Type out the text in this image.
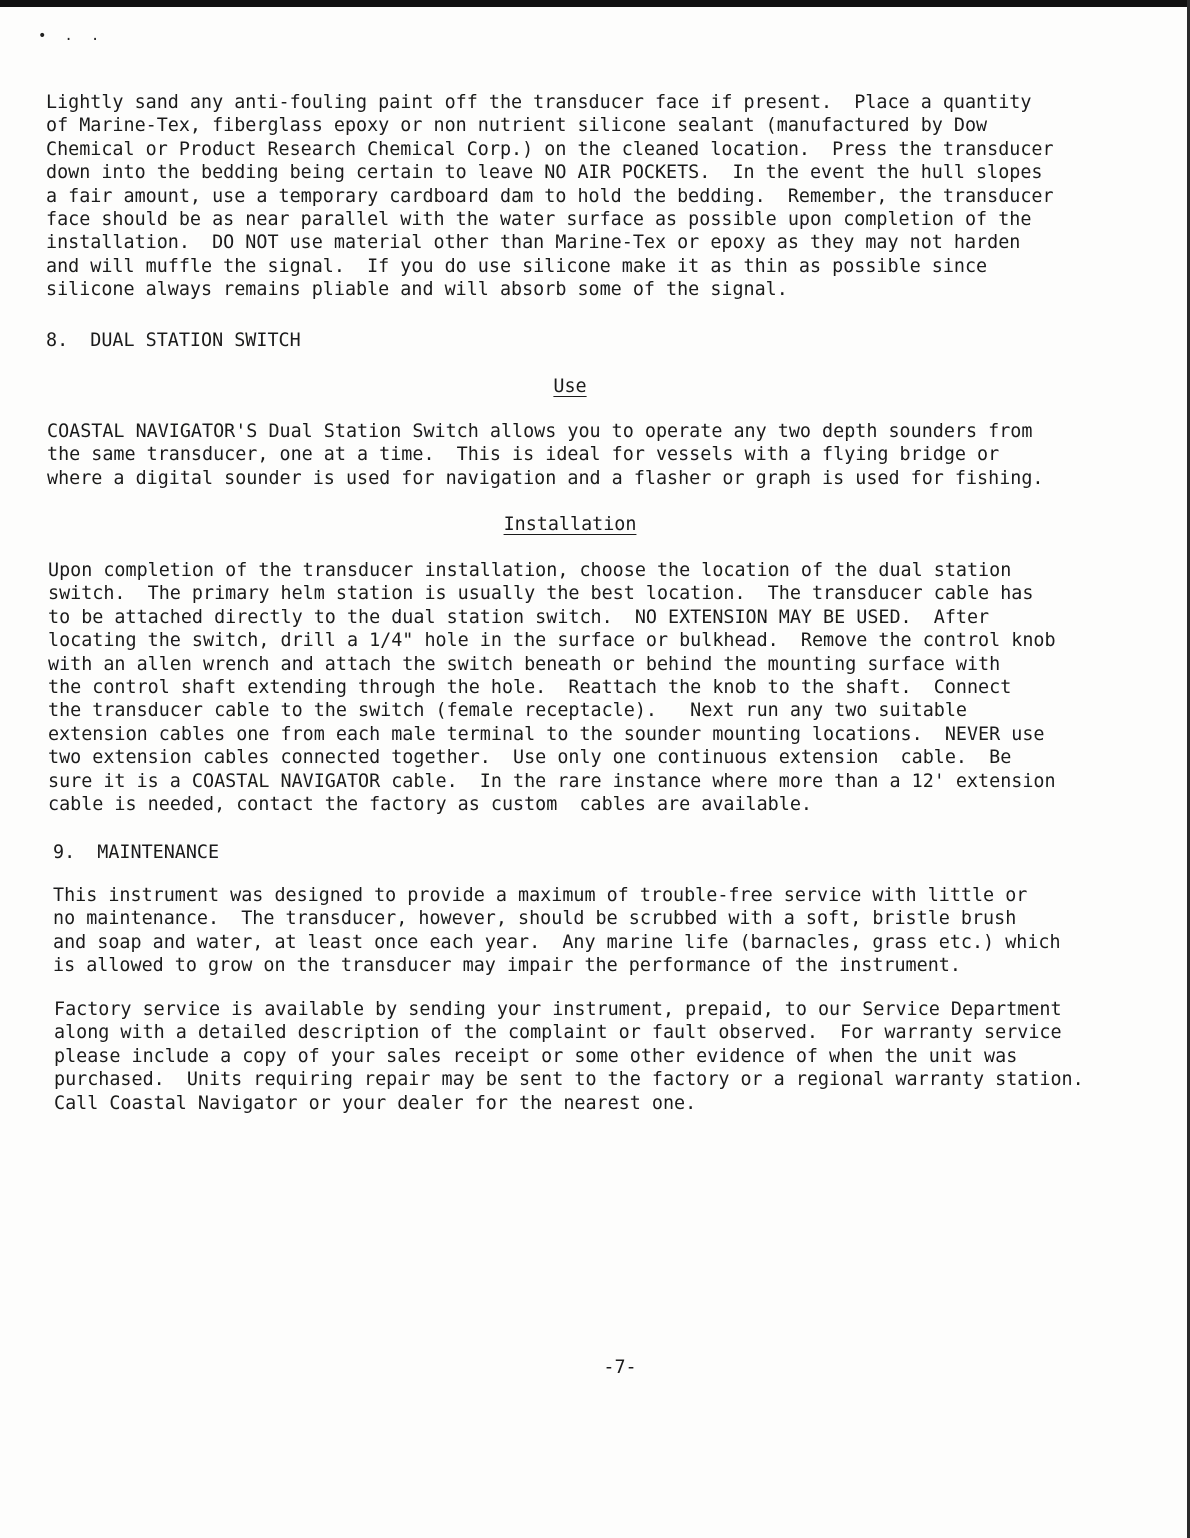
•..
Lightly sand any anti-fouling paint off the transducer face if present.  Place a quantity
of Marine-Tex, fiberglass epoxy or non nutrient silicone sealant (manufactured by Dow
Chemical or Product Research Chemical Corp.) on the cleaned location.  Press the transducer
down into the bedding being certain to leave NO AIR POCKETS.  In the event the hull slopes
a fair amount, use a temporary cardboard dam to hold the bedding.  Remember, the transducer
face should be as near parallel with the water surface as possible upon completion of the
installation.  DO NOT use material other than Marine-Tex or epoxy as they may not harden
and will muffle the signal.  If you do use silicone make it as thin as possible since
silicone always remains pliable and will absorb some of the signal.
8.  DUAL STATION SWITCH
Use
COASTAL NAVIGATOR'S Dual Station Switch allows you to operate any two depth sounders from
the same transducer, one at a time.  This is ideal for vessels with a flying bridge or
where a digital sounder is used for navigation and a flasher or graph is used for fishing.
Installation
Upon completion of the transducer installation, choose the location of the dual station
switch.  The primary helm station is usually the best location.  The transducer cable has
to be attached directly to the dual station switch.  NO EXTENSION MAY BE USED.  After
locating the switch, drill a 1/4" hole in the surface or bulkhead.  Remove the control knob
with an allen wrench and attach the switch beneath or behind the mounting surface with
the control shaft extending through the hole.  Reattach the knob to the shaft.  Connect
the transducer cable to the switch (female receptacle).   Next run any two suitable
extension cables one from each male terminal to the sounder mounting locations.  NEVER use
two extension cables connected together.  Use only one continuous extension  cable.  Be
sure it is a COASTAL NAVIGATOR cable.  In the rare instance where more than a 12' extension
cable is needed, contact the factory as custom  cables are available.
9.  MAINTENANCE
This instrument was designed to provide a maximum of trouble-free service with little or
no maintenance.  The transducer, however, should be scrubbed with a soft, bristle brush
and soap and water, at least once each year.  Any marine life (barnacles, grass etc.) which
is allowed to grow on the transducer may impair the performance of the instrument.
Factory service is available by sending your instrument, prepaid, to our Service Department
along with a detailed description of the complaint or fault observed.  For warranty service
please include a copy of your sales receipt or some other evidence of when the unit was
purchased.  Units requiring repair may be sent to the factory or a regional warranty station.
Call Coastal Navigator or your dealer for the nearest one.
-7-
